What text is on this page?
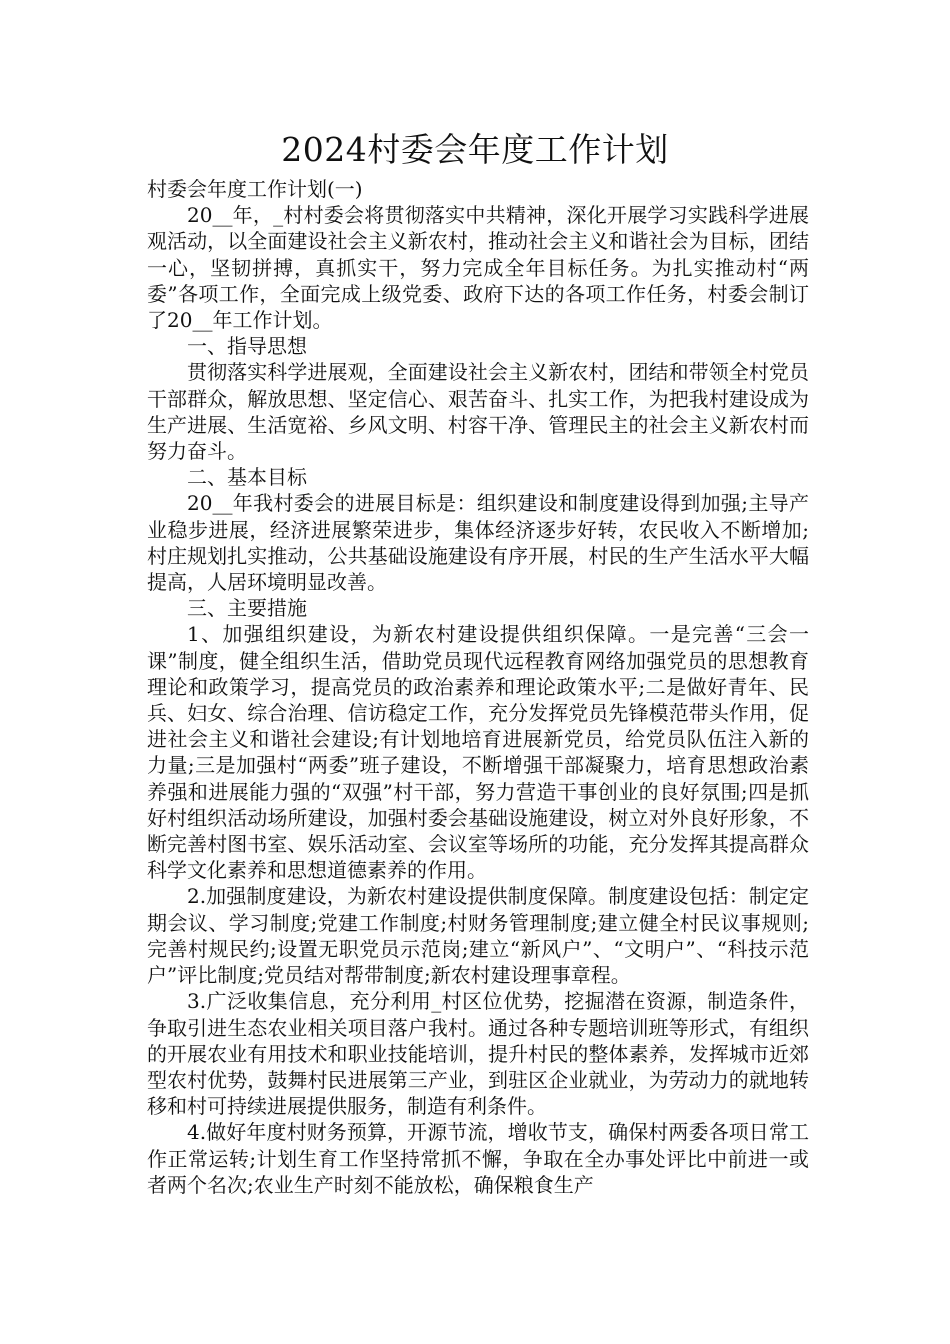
2024村委会年度工作计划

村委会年度工作计划(一)

20__年，_村村委会将贯彻落实中共精神，深化开展学习实践科学进展观活动，以全面建设社会主义新农村，推动社会主义和谐社会为目标，团结一心，坚韧拼搏，真抓实干，努力完成全年目标任务。为扎实推动村“两委”各项工作，全面完成上级党委、政府下达的各项工作任务，村委会制订了20__年工作计划。

一、指导思想

贯彻落实科学进展观，全面建设社会主义新农村，团结和带领全村党员干部群众，解放思想、坚定信心、艰苦奋斗、扎实工作，为把我村建设成为生产进展、生活宽裕、乡风文明、村容干净、管理民主的社会主义新农村而努力奋斗。

二、基本目标

20__年我村委会的进展目标是：组织建设和制度建设得到加强;主导产业稳步进展，经济进展繁荣进步，集体经济逐步好转，农民收入不断增加;村庄规划扎实推动，公共基础设施建设有序开展，村民的生产生活水平大幅提高，人居环境明显改善。

三、主要措施

1、加强组织建设，为新农村建设提供组织保障。一是完善“三会一课”制度，健全组织生活，借助党员现代远程教育网络加强党员的思想教育理论和政策学习，提高党员的政治素养和理论政策水平;二是做好青年、民兵、妇女、综合治理、信访稳定工作，充分发挥党员先锋模范带头作用，促进社会主义和谐社会建设;有计划地培育进展新党员，给党员队伍注入新的力量;三是加强村“两委”班子建设，不断增强干部凝聚力，培育思想政治素养强和进展能力强的“双强”村干部，努力营造干事创业的良好氛围;四是抓好村组织活动场所建设，加强村委会基础设施建设，树立对外良好形象，不断完善村图书室、娱乐活动室、会议室等场所的功能，充分发挥其提高群众科学文化素养和思想道德素养的作用。

2.加强制度建设，为新农村建设提供制度保障。制度建设包括：制定定期会议、学习制度;党建工作制度;村财务管理制度;建立健全村民议事规则;完善村规民约;设置无职党员示范岗;建立“新风户”、“文明户”、“科技示范户”评比制度;党员结对帮带制度;新农村建设理事章程。

3.广泛收集信息，充分利用_村区位优势，挖掘潜在资源，制造条件，争取引进生态农业相关项目落户我村。通过各种专题培训班等形式，有组织的开展农业有用技术和职业技能培训，提升村民的整体素养，发挥城市近郊型农村优势，鼓舞村民进展第三产业，到驻区企业就业，为劳动力的就地转移和村可持续进展提供服务，制造有利条件。

4.做好年度村财务预算，开源节流，增收节支，确保村两委各项日常工作正常运转;计划生育工作坚持常抓不懈，争取在全办事处评比中前进一或者两个名次;农业生产时刻不能放松，确保粮食生产
